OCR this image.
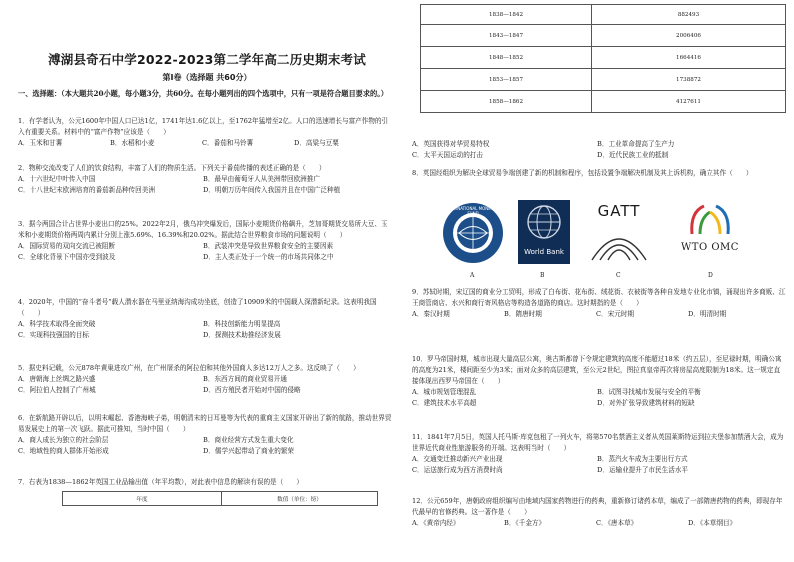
溥湖县奇石中学2022-2023第二学年高二历史期末考试
第Ⅰ卷（选择题 共60分）
一、选择题：（本大题共20小题，每小题3分，共60分。在每小题列出的四个选项中，只有一项是符合题目要求的。）

1．有学者认为，公元1600年中国人口已达1亿，1741年达1.6亿以上，至1762年猛增至2亿。人口的迅速增长与富产作物的引入有重要关系。材料中的“富产作物”应该是（　　）

A．玉米和甘薯	B．水稻和小麦	C．番茄和马铃薯	D．高粱与豆粟

2．物种交流改变了人们的饮食结构，丰富了人们的物质生活。下列关于番茄传播的表述正确的是（　　）

A．十六世纪中叶传入中国	B．最早由葡萄牙人从美洲带回欧洲推广C．十八世纪末欧洲培育的番茄新品种传回美洲	D．明朝万历年间传入我国并且在中国广泛种植

3．据今两国合计占世界小麦出口的25%。2022年2月，俄乌冲突爆发后，国际小麦期货价格飙升，芝加哥期货交易所大豆、玉米和小麦期货价格两周内累计分别上涨5.69%、16.39%和20.02%。据此结合世界粮食市场的问题说明（　　）

A．国际贸易的双向交流已被阻断	B．武装冲突是导致世界粮食安全的主要因素C．全球化背景下中国亦受到波及	D．主人类正处于一个统一的市场共同体之中

4．2020年，中国的“奋斗者号”载人潜水器在马里亚纳海沟成功坐底，创造了10909米的中国载人深潜新纪录。这表明我国（　　）

A．科学技术取得全面突破	B．科技创新能力明显提高C．实现科技强国的目标	D．探测技术助推经济发展

5．据史料记载，公元878年黄巢进攻广州，在广州屠杀的阿拉伯和其他外国商人多达12万人之多。这反映了（　　）

A．唐朝海上丝绸之路兴盛	B．东西方间的商业贸易开通C．阿拉伯人控制了广州城	D．西方殖民者开始对中国的侵略

6．在新航路开辟以后，以明末崛起、香港海峡子弟，明朝清末的日耳曼等为代表的重商主义国家开辟出了新的航路，推动世界贸易发展史上的第一次飞跃。据此可推知，当时中国（　　）

A．商人成长为独立的社会阶层	B．商业经营方式发生重大变化C．地域性的商人群体开始形成	D．儒学兴起带动了商业的繁荣

7．右表为1838—1862年英国工业品输出值（年平均数），对此表中信息的解读有误的是（　　）

年度	数值（单位：镑）
1838—1842	882493
1843—1847	2006406
1848—1852	1664416
1853—1857	1738872
1858—1862	4127611
A．英国获得对华贸易特权	B．工业革命提高了生产力C．太平天国运动的打击	D．近代民族工业的抵制

8．英国经组织为解决全球贸易争端创建了新的机制和程序，包括设置争端解决机制及其上诉机构，确立其作（　　）

INTERNATIONAL MONETARY FUND
A
World Bank
B
GATT
C
WTO OMC
D

9．苏轼时期，宋辽国的商业分工贸明，形成了白布街、花布街、绒花街、衣被街等各种自发地专业化市镇，涌现出许多商贩、江王商管商店、水兴和商行寄风格店等构造各道路的商店。这时期指的是（　　）

A．秦汉时期	B．隋唐时期	C．宋元时期	D．明清时期

10．罗马帝国时期，城市出现大量高层公寓，奥古斯都曾下令规定建筑的高度不能超过18米（约五层），至尼禄时期，明确公寓的高度为21米，楼间距至少为3米；面对众多的高层建筑，至公元2世纪，图拉真皇帝再次将房屋高度限制为18米。这一规定直接体现出西罗马帝国在（　　）

A．城市规划管理混乱	B．试图寻找城市发展与安全的平衡C．建筑技术水平高超	D．对外扩张导致建筑材料的短缺

11．1841年7月5日，英国人托马斯·库克包租了一列火车，将第570名禁酒主义者从英国莱斯特运到拉夫堡参加禁酒大会，成为世界近代商业性旅游服务的开端。这表明当时（　　）

A．交通变迁推动新兴产业出现	B．蒸汽火车成为主要出行方式C．运送旅行成为西方消费时尚	D．运输业提升了市民生活水平

12．公元659年，唐朝政府组织编写由地域内国家药物进行的药典，重新修订诸药本草，编成了一部隋唐药物的药典，即现存年代最早的官修药典。这一著作是（　　）

A．《黄帝内经》	B．《千金方》	C．《唐本草》	D．《本草纲目》
